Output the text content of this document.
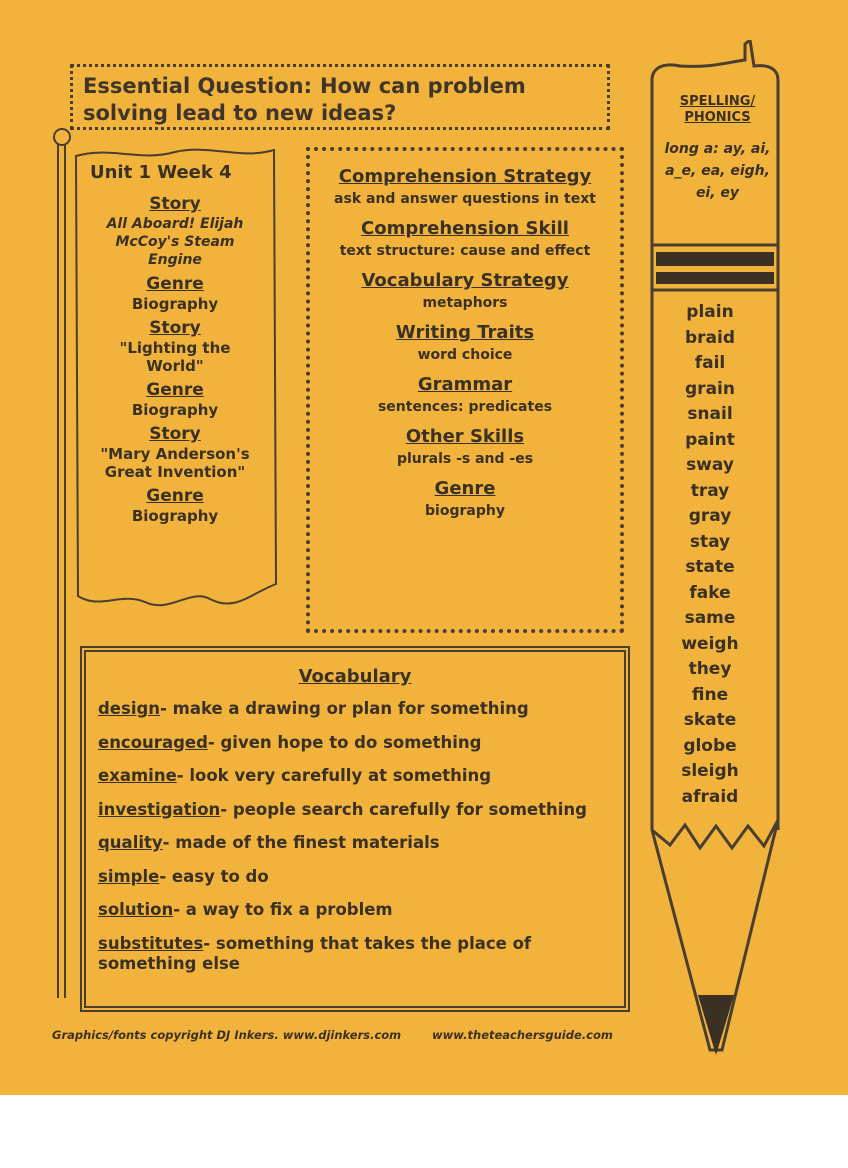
Essential Question: How can problem solving lead to new ideas?
Unit 1 Week 4
Story
All Aboard! Elijah McCoy's Steam Engine
Genre
Biography
Story
"Lighting the World"
Genre
Biography
Story
"Mary Anderson's Great Invention"
Genre
Biography
Comprehension Strategy
ask and answer questions in text
Comprehension Skill
text structure: cause and effect
Vocabulary Strategy
metaphors
Writing Traits
word choice
Grammar
sentences: predicates
Other Skills
plurals -s and -es
Genre
biography
Vocabulary
design- make a drawing or plan for something
encouraged- given hope to do something
examine- look very carefully at something
investigation- people search carefully for something
quality- made of the finest materials
simple- easy to do
solution- a way to fix a problem
substitutes- something that takes the place of something else
SPELLING/
PHONICS
long a: ay, ai,
a_e, ea, eigh,
ei, ey
plain
braid
fail
grain
snail
paint
sway
tray
gray
stay
state
fake
same
weigh
they
fine
skate
globe
sleigh
afraid
Graphics/fonts copyright DJ Inkers. www.djinkers.com	www.theteachersguide.com
